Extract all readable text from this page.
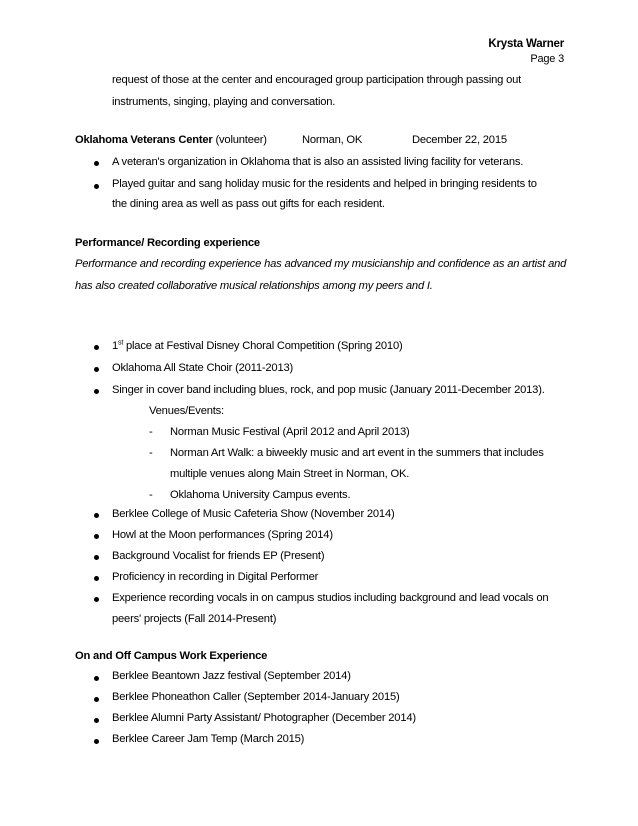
Krysta Warner
Page 3
request of those at the center and encouraged group participation through passing out
instruments, singing, playing and conversation.
Oklahoma Veterans Center (volunteer)	Norman, OK	December 22, 2015
A veteran's organization in Oklahoma that is also an assisted living facility for veterans.
Played guitar and sang holiday music for the residents and helped in bringing residents to
the dining area as well as pass out gifts for each resident.
Performance/ Recording experience
Performance and recording experience has advanced my musicianship and confidence as an artist and
has also created collaborative musical relationships among my peers and I.
1st place at Festival Disney Choral Competition (Spring 2010)
Oklahoma All State Choir (2011-2013)
Singer in cover band including blues, rock, and pop music (January 2011-December 2013).
Venues/Events:
- Norman Music Festival (April 2012 and April 2013)
- Norman Art Walk: a biweekly music and art event in the summers that includes
multiple venues along Main Street in Norman, OK.
- Oklahoma University Campus events.
Berklee College of Music Cafeteria Show (November 2014)
Howl at the Moon performances (Spring 2014)
Background Vocalist for friends EP (Present)
Proficiency in recording in Digital Performer
Experience recording vocals in on campus studios including background and lead vocals on
peers' projects (Fall 2014-Present)
On and Off Campus Work Experience
Berklee Beantown Jazz festival (September 2014)
Berklee Phoneathon Caller (September 2014-January 2015)
Berklee Alumni Party Assistant/ Photographer (December 2014)
Berklee Career Jam Temp (March 2015)
